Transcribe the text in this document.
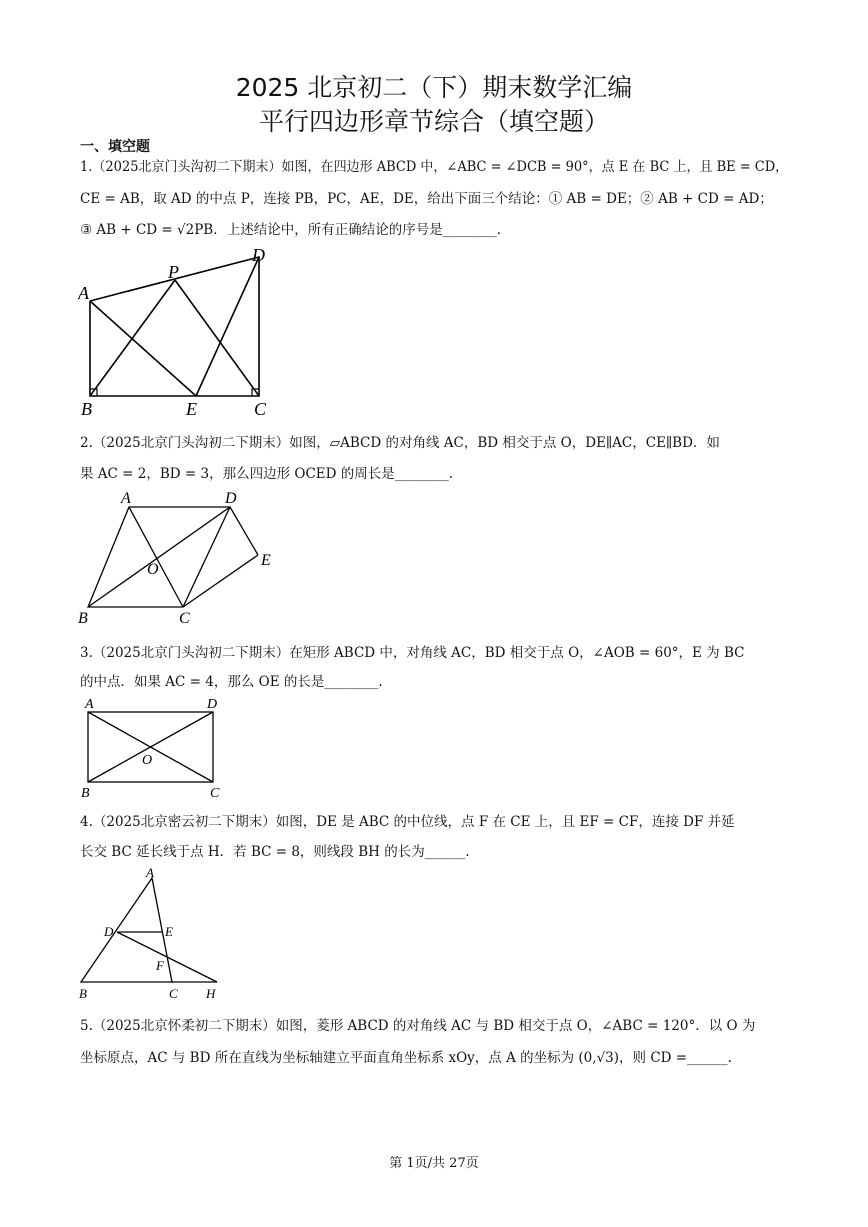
2025 北京初二（下）期末数学汇编
平行四边形章节综合（填空题）
一、填空题
1.（2025北京门头沟初二下期末）如图，在四边形 ABCD 中，∠ABC = ∠DCB = 90°，点 E 在 BC 上，且 BE = CD，
CE = AB，取 AD 的中点 P，连接 PB，PC，AE，DE，给出下面三个结论：① AB = DE；② AB + CD = AD；
③ AB + CD = √2PB．上述结论中，所有正确结论的序号是________.
A
B	C
D
E
P
2.（2025北京门头沟初二下期末）如图，▱ABCD 的对角线 AC，BD 相交于点 O，DE∥AC，CE∥BD．如
果 AC = 2，BD = 3，那么四边形 OCED 的周长是________.
A
B	C
D
E
O
3.（2025北京门头沟初二下期末）在矩形 ABCD 中，对角线 AC，BD 相交于点 O，∠AOB = 60°，E 为 BC
的中点．如果 AC = 4，那么 OE 的长是________.
A
B	C
D
O
4.（2025北京密云初二下期末）如图，DE 是 ABC 的中位线，点 F 在 CE 上，且 EF = CF，连接 DF 并延
长交 BC 延长线于点 H．若 BC = 8，则线段 BH 的长为______.
A
B	C
D	E
F
H
5.（2025北京怀柔初二下期末）如图，菱形 ABCD 的对角线 AC 与 BD 相交于点 O，∠ABC = 120°．以 O 为
坐标原点，AC 与 BD 所在直线为坐标轴建立平面直角坐标系 xOy，点 A 的坐标为 (0,√3)，则 CD =______.
第 1页/共 27页
